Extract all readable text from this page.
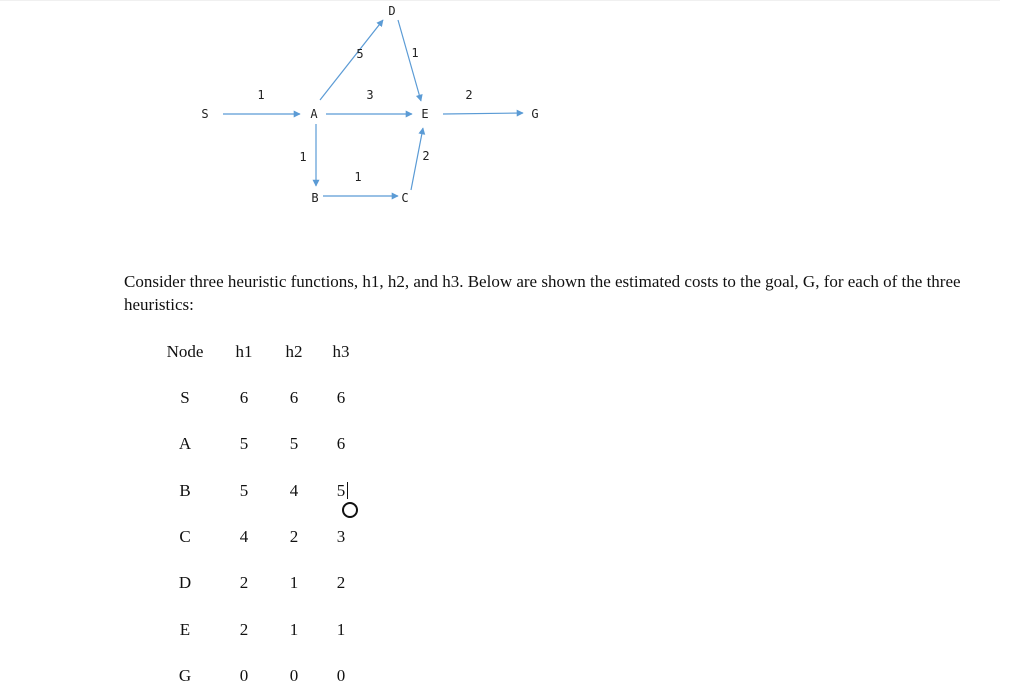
S	A
B	C
D
E	G
1
5
3
1
1
1
2
2

Consider three heuristic functions, h1, h2, and h3. Below are shown the estimated costs to the goal, G, for each of the three heuristics:

Node	h1	h2	h3
S	6	6	6
A	5	5	6
B	5	4	5

C	4	2	3
D	2	1	2
E	2	1	1
G	0	0	0
